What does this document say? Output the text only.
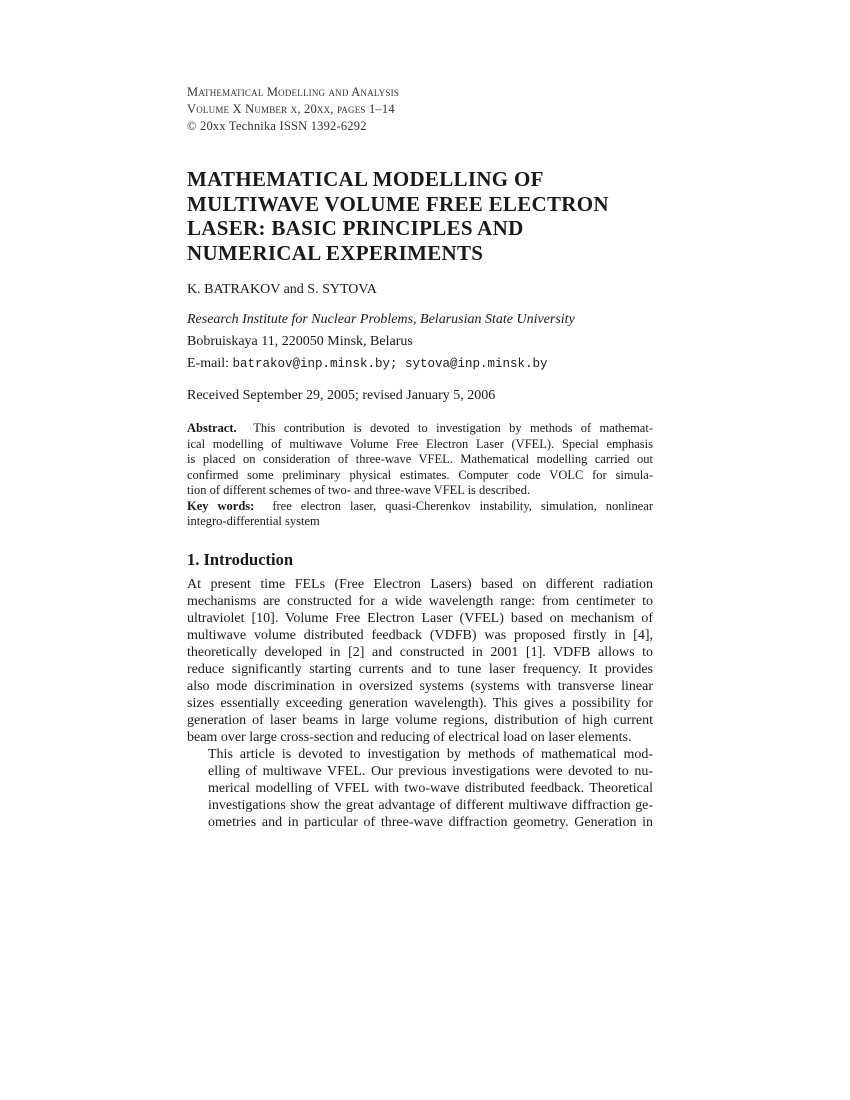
Mathematical Modelling and Analysis
Volume X Number x, 20xx, pages 1–14
© 20xx Technika ISSN 1392-6292
MATHEMATICAL MODELLING OF
MULTIWAVE VOLUME FREE ELECTRON
LASER: BASIC PRINCIPLES AND
NUMERICAL EXPERIMENTS
K. BATRAKOV and S. SYTOVA
Research Institute for Nuclear Problems, Belarusian State University
Bobruiskaya 11, 220050 Minsk, Belarus
E-mail: batrakov@inp.minsk.by; sytova@inp.minsk.by
Received September 29, 2005; revised January 5, 2006
Abstract. This contribution is devoted to investigation by methods of mathemat-
ical modelling of multiwave Volume Free Electron Laser (VFEL). Special emphasis
is placed on consideration of three-wave VFEL. Mathematical modelling carried out
confirmed some preliminary physical estimates. Computer code VOLC for simula-
tion of different schemes of two- and three-wave VFEL is described.
Key words: free electron laser, quasi-Cherenkov instability, simulation, nonlinear
integro-differential system
1. Introduction
At present time FELs (Free Electron Lasers) based on different radiation
mechanisms are constructed for a wide wavelength range: from centimeter to
ultraviolet [10]. Volume Free Electron Laser (VFEL) based on mechanism of
multiwave volume distributed feedback (VDFB) was proposed firstly in [4],
theoretically developed in [2] and constructed in 2001 [1]. VDFB allows to
reduce significantly starting currents and to tune laser frequency. It provides
also mode discrimination in oversized systems (systems with transverse linear
sizes essentially exceeding generation wavelength). This gives a possibility for
generation of laser beams in large volume regions, distribution of high current
beam over large cross-section and reducing of electrical load on laser elements.
This article is devoted to investigation by methods of mathematical mod-
elling of multiwave VFEL. Our previous investigations were devoted to nu-
merical modelling of VFEL with two-wave distributed feedback. Theoretical
investigations show the great advantage of different multiwave diffraction ge-
ometries and in particular of three-wave diffraction geometry. Generation in
